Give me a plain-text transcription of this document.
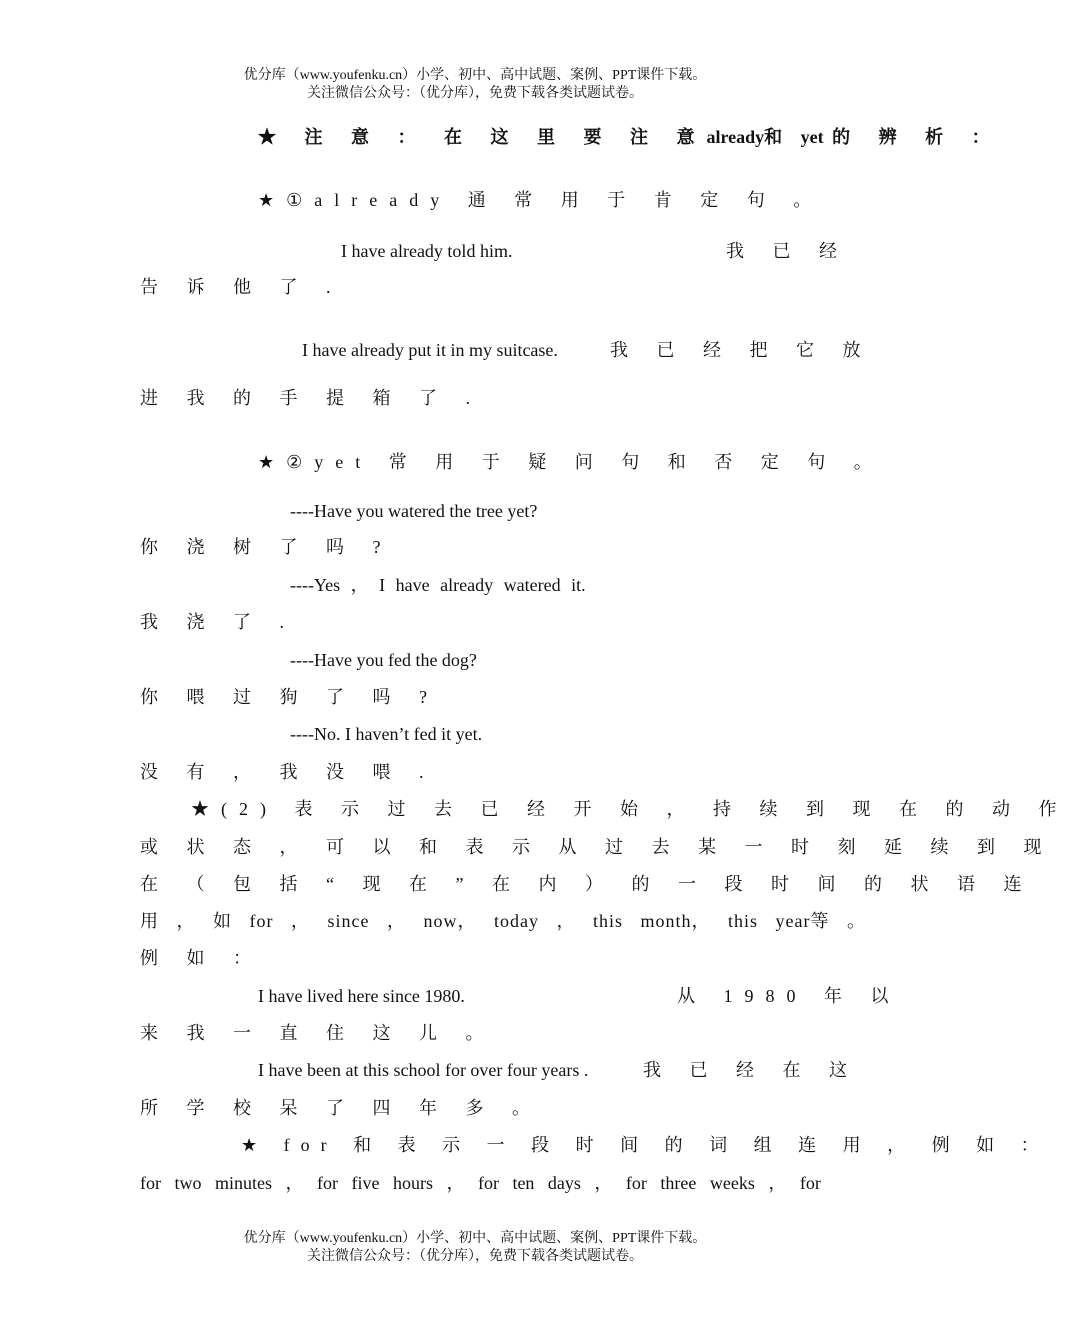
优分库（www.youfenku.cn）小学、初中、高中试题、案例、PPT课件下载。
关注微信公众号：（优分库），免费下载各类试题试卷。
★ 注 意 ： 在 这 里 要 注 意already和 yet 的 辨 析 ：
★①already 通 常 用 于 肯 定 句 。
I have already told him.	我 已 经
告 诉 他 了 .
I have already put it in my suitcase.	我 已 经 把 它 放
进 我 的 手 提 箱 了 .
★②yet 常 用 于 疑 问 句 和 否 定 句 。
----Have you watered the tree yet?
你 浇 树 了 吗 ?
----Yes ， I have already watered it.
我 浇 了 .
----Have you fed the dog?
你 喂 过 狗 了 吗 ?
----No. I haven’t fed it yet.
没 有 ， 我 没 喂 .
★(2) 表 示 过 去 已 经 开 始 ， 持 续 到 现 在 的 动 作
或 状 态 ， 可 以 和 表 示 从 过 去 某 一 时 刻 延 续 到 现
在 （ 包 括 “ 现 在 ” 在 内 ） 的 一 段 时 间 的 状 语 连
用 ， 如 for ， since ， now， today ， this month， this year等 。
例 如 ：
I have lived here since 1980.	从 1980 年 以
来 我 一 直 住 这 儿 。
I have been at this school for over four years .	我 已 经 在 这
所 学 校 呆 了 四 年 多 。
★ for 和 表 示 一 段 时 间 的 词 组 连 用 ， 例 如 ：
for two minutes ， for five hours ， for ten days ， for three weeks ， for
优分库（www.youfenku.cn）小学、初中、高中试题、案例、PPT课件下载。
关注微信公众号：（优分库），免费下载各类试题试卷。
